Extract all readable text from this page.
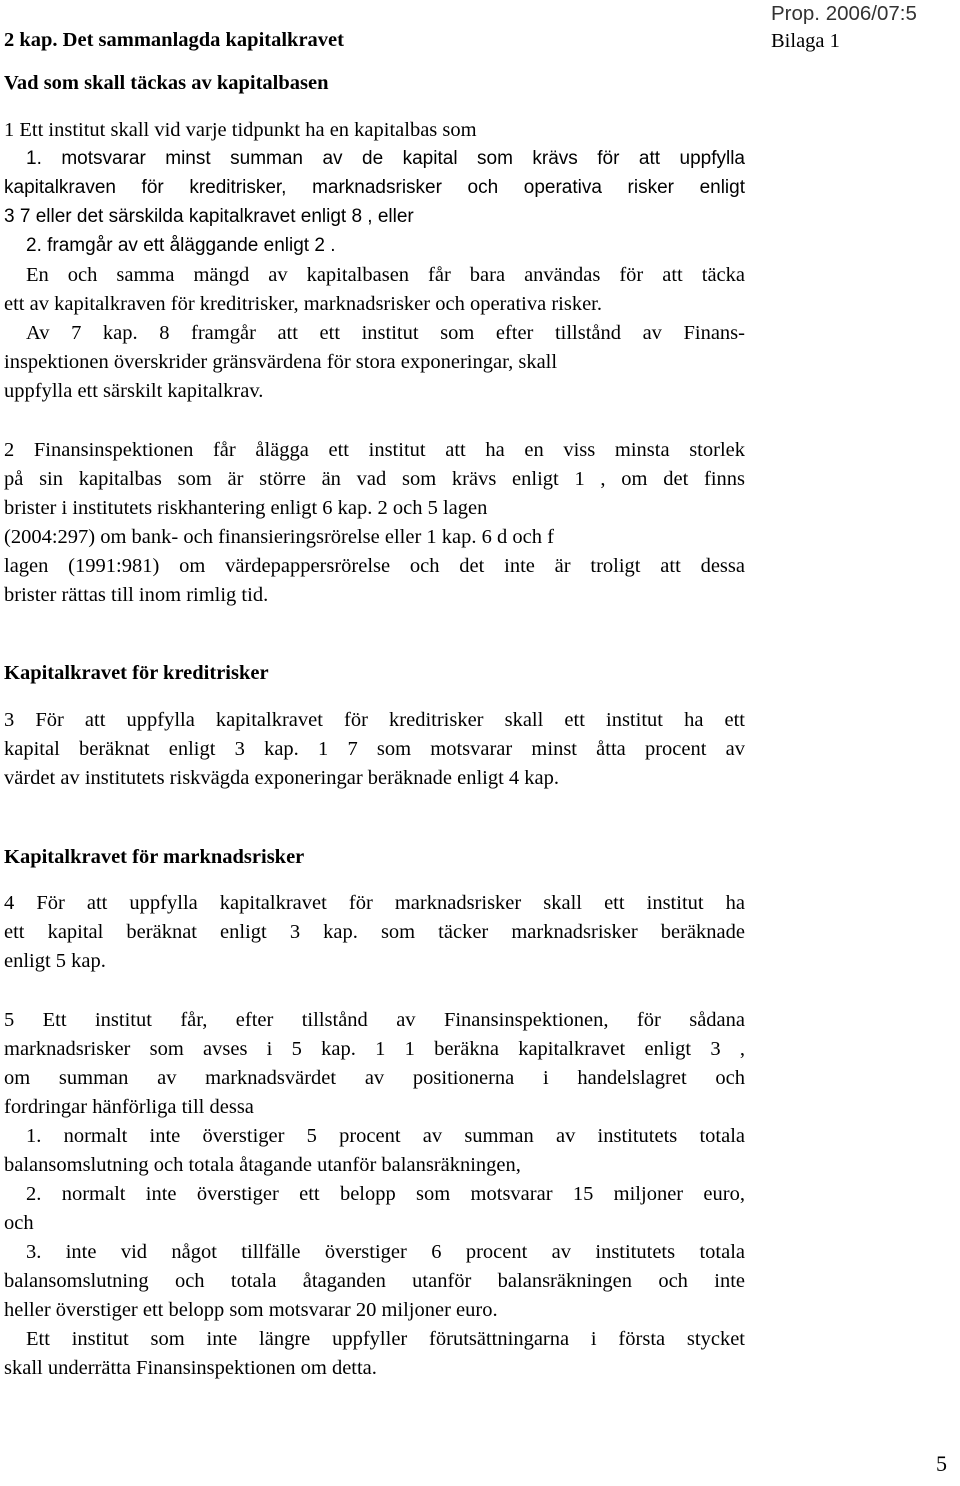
2 kap. Det sammanlagda kapitalkravet
Prop. 2006/07:5
Bilaga 1
Vad som skall täckas av kapitalbasen
1 Ett institut skall vid varje tidpunkt ha en kapitalbas som
1. motsvarar minst summan av de kapital som krävs för att uppfylla
kapitalkraven för kreditrisker, marknadsrisker och operativa risker enligt
3 7 eller det särskilda kapitalkravet enligt 8 , eller
2. framgår av ett åläggande enligt 2 .
En och samma mängd av kapitalbasen får bara användas för att täcka
ett av kapitalkraven för kreditrisker, marknadsrisker och operativa risker.
Av 7 kap. 8 framgår att ett institut som efter tillstånd av Finans-
inspektionen överskrider gränsvärdena för stora exponeringar, skall
uppfylla ett särskilt kapitalkrav.
2 Finansinspektionen får ålägga ett institut att ha en viss minsta storlek
på sin kapitalbas som är större än vad som krävs enligt 1 , om det finns
brister i institutets riskhantering enligt 6 kap. 2 och 5 lagen
(2004:297) om bank- och finansieringsrörelse eller 1 kap. 6 d och f
lagen (1991:981) om värdepappersrörelse och det inte är troligt att dessa
brister rättas till inom rimlig tid.
Kapitalkravet för kreditrisker
3 För att uppfylla kapitalkravet för kreditrisker skall ett institut ha ett
kapital beräknat enligt 3 kap. 1 7 som motsvarar minst åtta procent av
värdet av institutets riskvägda exponeringar beräknade enligt 4 kap.
Kapitalkravet för marknadsrisker
4 För att uppfylla kapitalkravet för marknadsrisker skall ett institut ha
ett kapital beräknat enligt 3 kap. som täcker marknadsrisker beräknade
enligt 5 kap.
5 Ett institut får, efter tillstånd av Finansinspektionen, för sådana
marknadsrisker som avses i 5 kap. 1 1 beräkna kapitalkravet enligt 3 ,
om summan av marknadsvärdet av positionerna i handelslagret och
fordringar hänförliga till dessa
1. normalt inte överstiger 5 procent av summan av institutets totala
balansomslutning och totala åtagande utanför balansräkningen,
2. normalt inte överstiger ett belopp som motsvarar 15 miljoner euro,
och
3. inte vid något tillfälle överstiger 6 procent av institutets totala
balansomslutning och totala åtaganden utanför balansräkningen och inte
heller överstiger ett belopp som motsvarar 20 miljoner euro.
Ett institut som inte längre uppfyller förutsättningarna i första stycket
skall underrätta Finansinspektionen om detta.
5
